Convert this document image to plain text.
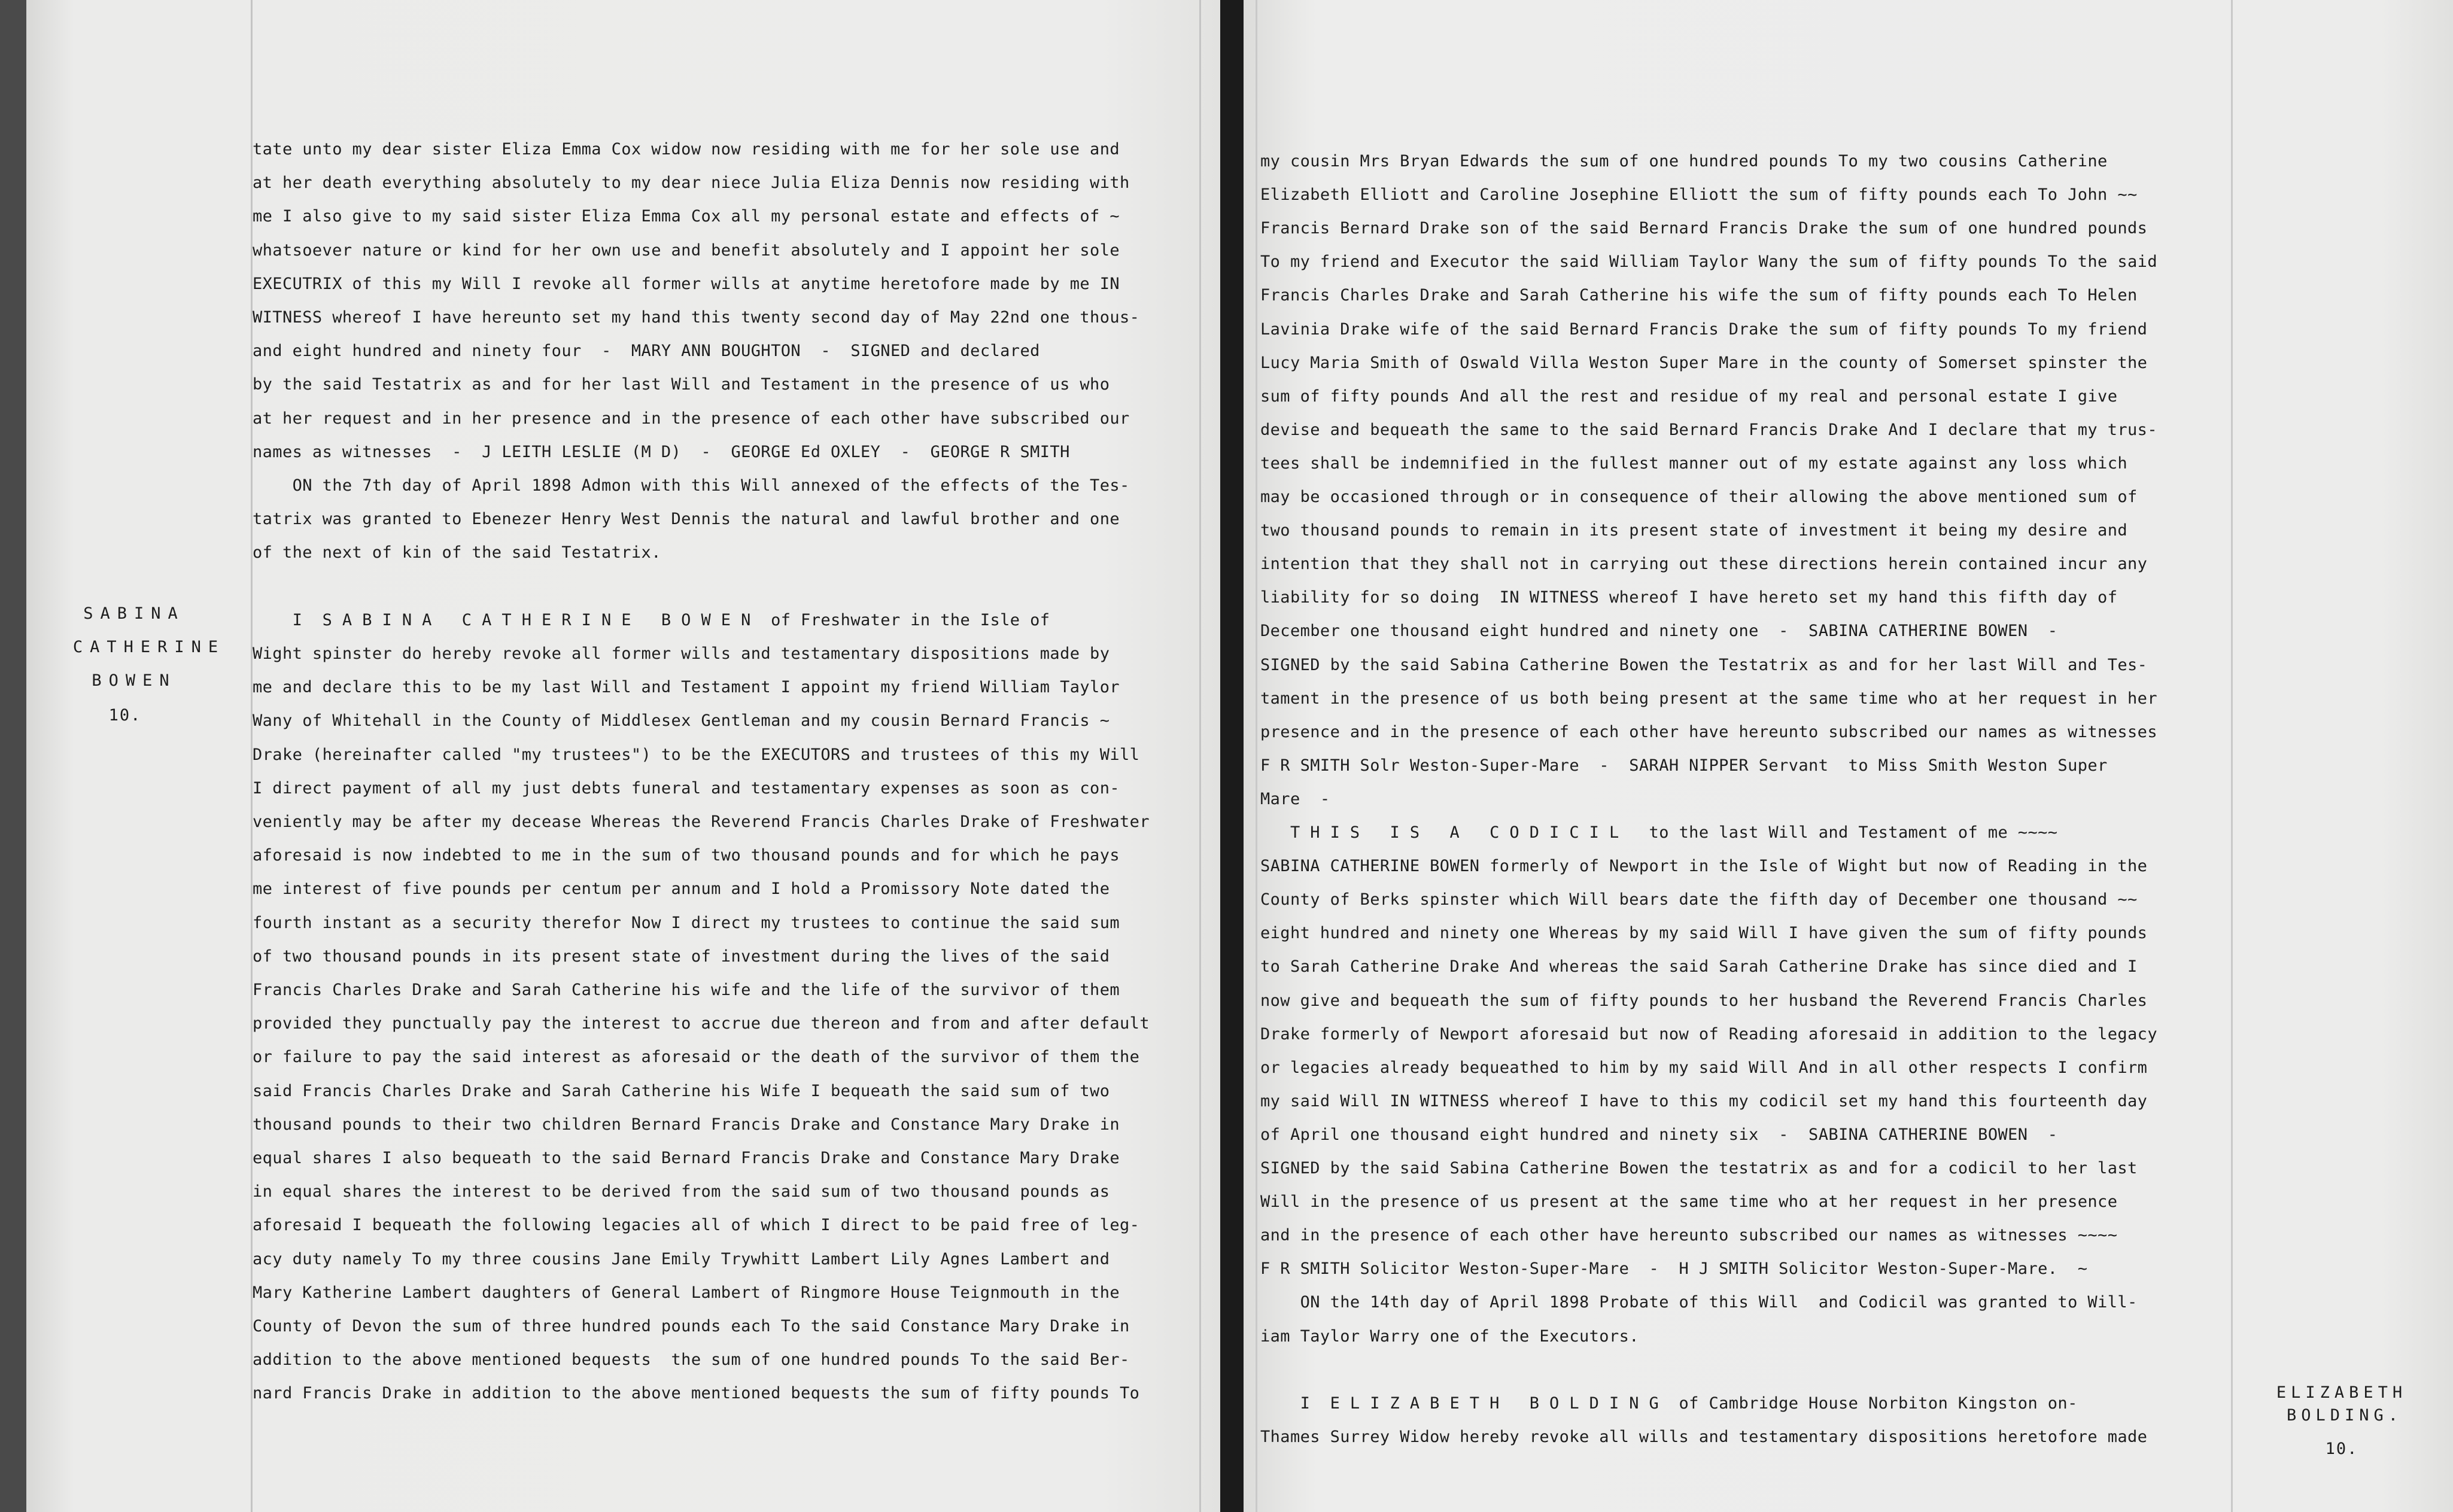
tate unto my dear sister Eliza Emma Cox widow now residing with me for her sole use and
at her death everything absolutely to my dear niece Julia Eliza Dennis now residing with
me I also give to my said sister Eliza Emma Cox all my personal estate and effects of ~
whatsoever nature or kind for her own use and benefit absolutely and I appoint her sole
EXECUTRIX of this my Will I revoke all former wills at anytime heretofore made by me IN
WITNESS whereof I have hereunto set my hand this twenty second day of May 22nd one thous-
and eight hundred and ninety four  -  MARY ANN BOUGHTON  -  SIGNED and declared
by the said Testatrix as and for her last Will and Testament in the presence of us who
at her request and in her presence and in the presence of each other have subscribed our
names as witnesses  -  J LEITH LESLIE (M D)  -  GEORGE Ed OXLEY  -  GEORGE R SMITH
ON the 7th day of April 1898 Admon with this Will annexed of the effects of the Tes-
tatrix was granted to Ebenezer Henry West Dennis the natural and lawful brother and one
of the next of kin of the said Testatrix.
I  S A B I N A   C A T H E R I N E   B O W E N  of Freshwater in the Isle of
Wight spinster do hereby revoke all former wills and testamentary dispositions made by
me and declare this to be my last Will and Testament I appoint my friend William Taylor
Wany of Whitehall in the County of Middlesex Gentleman and my cousin Bernard Francis ~
Drake (hereinafter called "my trustees") to be the EXECUTORS and trustees of this my Will
I direct payment of all my just debts funeral and testamentary expenses as soon as con-
veniently may be after my decease Whereas the Reverend Francis Charles Drake of Freshwater
aforesaid is now indebted to me in the sum of two thousand pounds and for which he pays
me interest of five pounds per centum per annum and I hold a Promissory Note dated the
fourth instant as a security therefor Now I direct my trustees to continue the said sum
of two thousand pounds in its present state of investment during the lives of the said
Francis Charles Drake and Sarah Catherine his wife and the life of the survivor of them
provided they punctually pay the interest to accrue due thereon and from and after default
or failure to pay the said interest as aforesaid or the death of the survivor of them the
said Francis Charles Drake and Sarah Catherine his Wife I bequeath the said sum of two
thousand pounds to their two children Bernard Francis Drake and Constance Mary Drake in
equal shares I also bequeath to the said Bernard Francis Drake and Constance Mary Drake
in equal shares the interest to be derived from the said sum of two thousand pounds as
aforesaid I bequeath the following legacies all of which I direct to be paid free of leg-
acy duty namely To my three cousins Jane Emily Trywhitt Lambert Lily Agnes Lambert and
Mary Katherine Lambert daughters of General Lambert of Ringmore House Teignmouth in the
County of Devon the sum of three hundred pounds each To the said Constance Mary Drake in
addition to the above mentioned bequests  the sum of one hundred pounds To the said Ber-
nard Francis Drake in addition to the above mentioned bequests the sum of fifty pounds To
SABINA
CATHERINE
BOWEN
10.
my cousin Mrs Bryan Edwards the sum of one hundred pounds To my two cousins Catherine
Elizabeth Elliott and Caroline Josephine Elliott the sum of fifty pounds each To John ~~
Francis Bernard Drake son of the said Bernard Francis Drake the sum of one hundred pounds
To my friend and Executor the said William Taylor Wany the sum of fifty pounds To the said
Francis Charles Drake and Sarah Catherine his wife the sum of fifty pounds each To Helen
Lavinia Drake wife of the said Bernard Francis Drake the sum of fifty pounds To my friend
Lucy Maria Smith of Oswald Villa Weston Super Mare in the county of Somerset spinster the
sum of fifty pounds And all the rest and residue of my real and personal estate I give
devise and bequeath the same to the said Bernard Francis Drake And I declare that my trus-
tees shall be indemnified in the fullest manner out of my estate against any loss which
may be occasioned through or in consequence of their allowing the above mentioned sum of
two thousand pounds to remain in its present state of investment it being my desire and
intention that they shall not in carrying out these directions herein contained incur any
liability for so doing  IN WITNESS whereof I have hereto set my hand this fifth day of
December one thousand eight hundred and ninety one  -  SABINA CATHERINE BOWEN  -
SIGNED by the said Sabina Catherine Bowen the Testatrix as and for her last Will and Tes-
tament in the presence of us both being present at the same time who at her request in her
presence and in the presence of each other have hereunto subscribed our names as witnesses
F R SMITH Solr Weston-Super-Mare  -  SARAH NIPPER Servant  to Miss Smith Weston Super
Mare  -
T H I S   I S   A   C O D I C I L   to the last Will and Testament of me ~~~~
SABINA CATHERINE BOWEN formerly of Newport in the Isle of Wight but now of Reading in the
County of Berks spinster which Will bears date the fifth day of December one thousand ~~
eight hundred and ninety one Whereas by my said Will I have given the sum of fifty pounds
to Sarah Catherine Drake And whereas the said Sarah Catherine Drake has since died and I
now give and bequeath the sum of fifty pounds to her husband the Reverend Francis Charles
Drake formerly of Newport aforesaid but now of Reading aforesaid in addition to the legacy
or legacies already bequeathed to him by my said Will And in all other respects I confirm
my said Will IN WITNESS whereof I have to this my codicil set my hand this fourteenth day
of April one thousand eight hundred and ninety six  -  SABINA CATHERINE BOWEN  -
SIGNED by the said Sabina Catherine Bowen the testatrix as and for a codicil to her last
Will in the presence of us present at the same time who at her request in her presence
and in the presence of each other have hereunto subscribed our names as witnesses ~~~~
F R SMITH Solicitor Weston-Super-Mare  -  H J SMITH Solicitor Weston-Super-Mare.  ~
ON the 14th day of April 1898 Probate of this Will  and Codicil was granted to Will-
iam Taylor Warry one of the Executors.
I  E L I Z A B E T H   B O L D I N G  of Cambridge House Norbiton Kingston on-
Thames Surrey Widow hereby revoke all wills and testamentary dispositions heretofore made
ELIZABETH
BOLDING.
10.
